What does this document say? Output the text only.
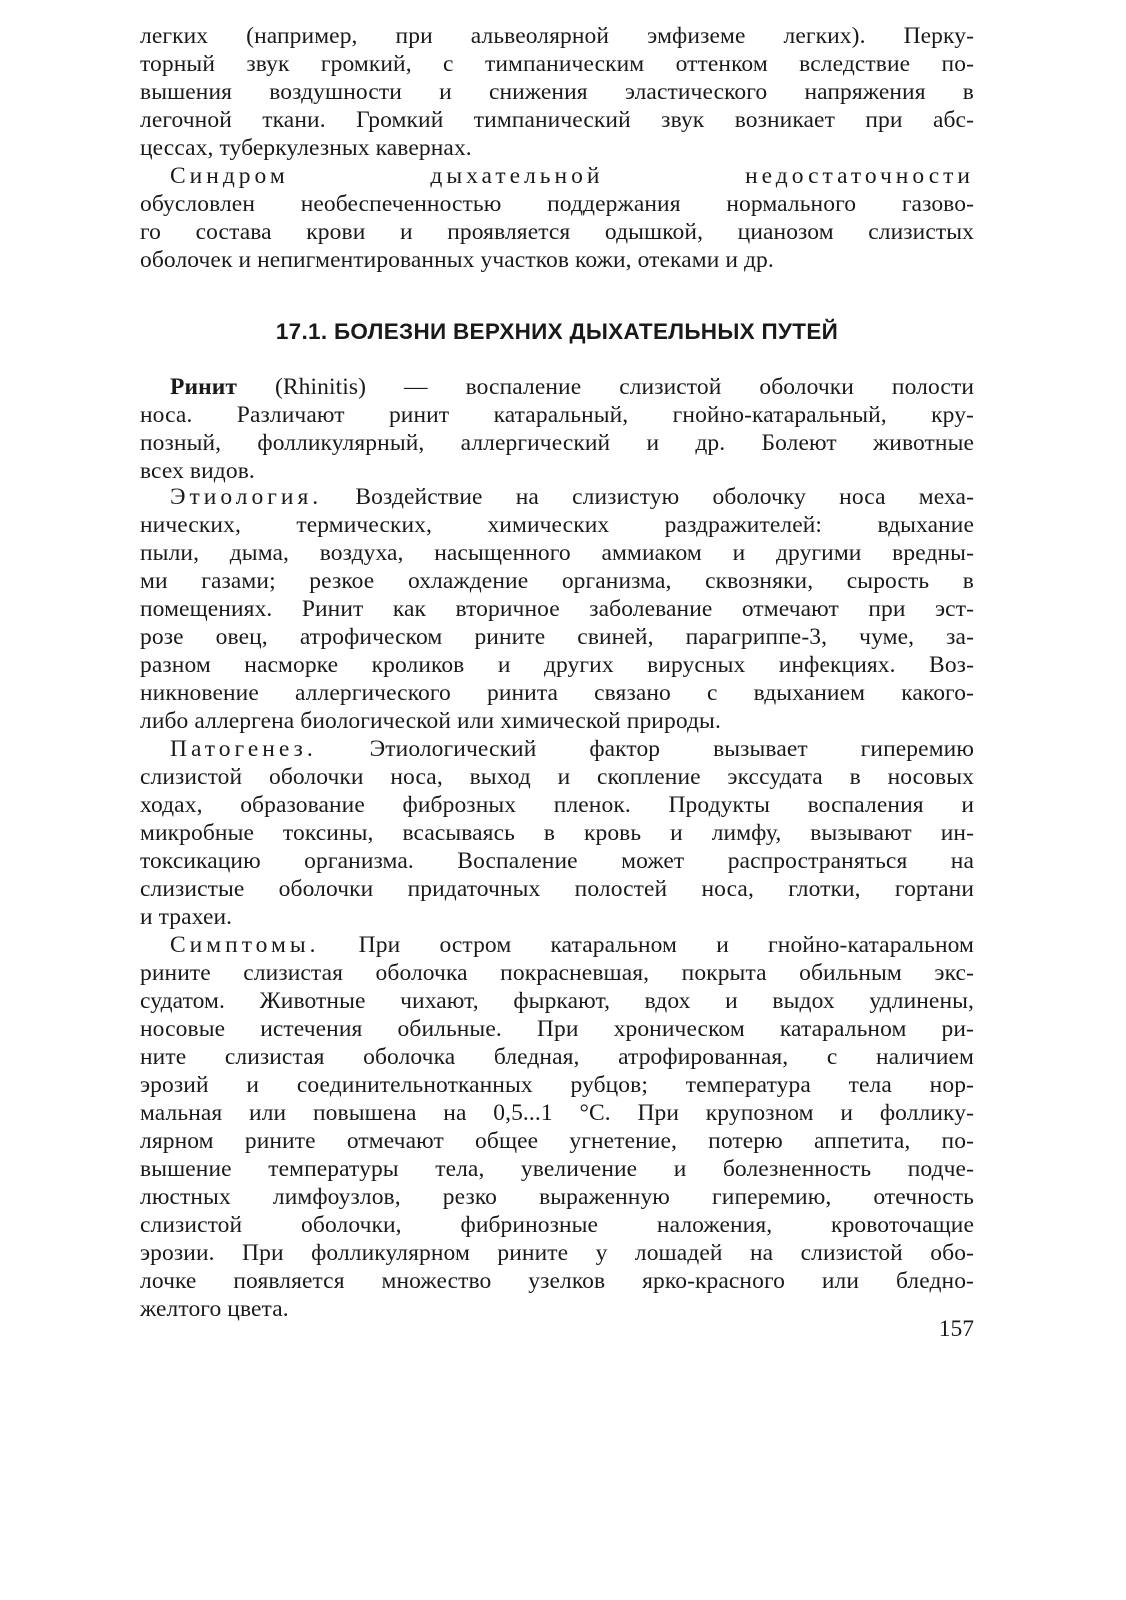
легких (например, при альвеолярной эмфиземе легких). Перку-
торный звук громкий, с тимпаническим оттенком вследствие по-
вышения воздушности и снижения эластического напряжения в
легочной ткани. Громкий тимпанический звук возникает при абс-
цессах, туберкулезных кавернах.
Синдром дыхательной недостаточности
обусловлен необеспеченностью поддержания нормального газово-
го состава крови и проявляется одышкой, цианозом слизистых
оболочек и непигментированных участков кожи, отеками и др.
17.1. БОЛЕЗНИ ВЕРХНИХ ДЫХАТЕЛЬНЫХ ПУТЕЙ
Ринит (Rhinitis) — воспаление слизистой оболочки полости
носа. Различают ринит катаральный, гнойно-катаральный, кру-
позный, фолликулярный, аллергический и др. Болеют животные
всех видов.
Этиология. Воздействие на слизистую оболочку носа меха-
нических, термических, химических раздражителей: вдыхание
пыли, дыма, воздуха, насыщенного аммиаком и другими вредны-
ми газами; резкое охлаждение организма, сквозняки, сырость в
помещениях. Ринит как вторичное заболевание отмечают при эст-
розе овец, атрофическом рините свиней, парагриппе-3, чуме, за-
разном насморке кроликов и других вирусных инфекциях. Воз-
никновение аллергического ринита связано с вдыханием какого-
либо аллергена биологической или химической природы.
Патогенез. Этиологический фактор вызывает гиперемию
слизистой оболочки носа, выход и скопление экссудата в носовых
ходах, образование фиброзных пленок. Продукты воспаления и
микробные токсины, всасываясь в кровь и лимфу, вызывают ин-
токсикацию организма. Воспаление может распространяться на
слизистые оболочки придаточных полостей носа, глотки, гортани
и трахеи.
Симптомы. При остром катаральном и гнойно-катаральном
рините слизистая оболочка покрасневшая, покрыта обильным экс-
судатом. Животные чихают, фыркают, вдох и выдох удлинены,
носовые истечения обильные. При хроническом катаральном ри-
ните слизистая оболочка бледная, атрофированная, с наличием
эрозий и соединительнотканных рубцов; температура тела нор-
мальная или повышена на 0,5...1 °С. При крупозном и фоллику-
лярном рините отмечают общее угнетение, потерю аппетита, по-
вышение температуры тела, увеличение и болезненность подче-
люстных лимфоузлов, резко выраженную гиперемию, отечность
слизистой оболочки, фибринозные наложения, кровоточащие
эрозии. При фолликулярном рините у лошадей на слизистой обо-
лочке появляется множество узелков ярко-красного или бледно-
желтого цвета.
157
